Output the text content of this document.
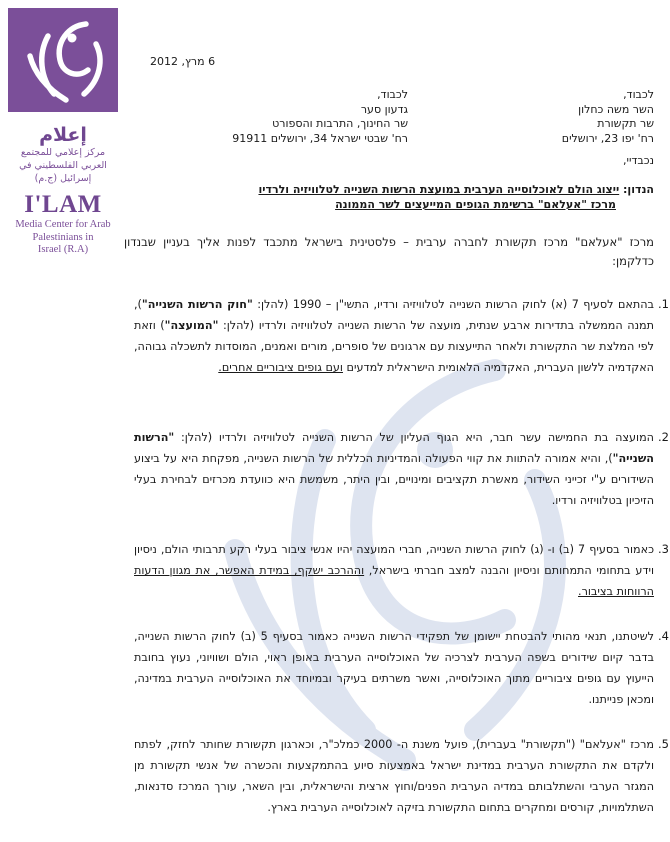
إعلام
مركز إعلامي للمجتمع
العربي الفلسطيني في
إسرائيل (ج.م)
I'LAM
Media Center for Arab
Palestinians in
Israel (R.A)
6 מרץ, 2012
לכבוד,
השר משה כחלון
שר תקשורת
רח' יפו 23, ירושלים
לכבוד,
גדעון סער
שר החינוך, התרבות והספורט
רח' שבטי ישראל 34, ירושלים 91911
נכבדיי,
הנדון: ייצוג הולם לאוכלוסייה הערבית במועצת הרשות השנייה לטלוויזיה ולרדיו
מרכז "אעלאם" ברשימת הגופים המייעצים לשר הממונה
מרכז "אעלאם" מרכז תקשורת לחברה ערבית – פלסטינית בישראל מתכבד לפנות אליך בעניין שבנדון כדלקמן:
.1
בהתאם לסעיף 7 (א) לחוק הרשות השנייה לטלוויזיה ורדיו, התשי"ן – 1990 (להלן: "חוק הרשות השנייה"), תמנה הממשלה בתדירות ארבע שנתית, מועצה של הרשות השנייה לטלוויזיה ולרדיו (להלן: "המועצה") וזאת לפי המלצת שר התקשורת ולאחר התייעצות עם ארגונים של סופרים, מורים ואמנים, המוסדות לתשכלה גבוהה, האקדמיה ללשון העברית, האקדמיה הלאומית הישראלית למדעים ועם גופים ציבוריים אחרים.
.2
המועצה בת החמישה עשר חבר, היא הגוף העליון של הרשות השנייה לטלוויזיה ולרדיו (להלן: "הרשות השנייה"), והיא אמורה להתוות את קווי הפעולה והמדיניות הכללית של הרשות השנייה, מפקחת היא על ביצוע השידורים ע"י זכייני השידור, מאשרת תקציבים ומינויים, ובין היתר, משמשת היא כוועדת מכרזים לבחירת בעלי הזיכיון בטלוויזיה ורדיו.
.3
כאמור בסעיף 7 (ב) ו- (ג) לחוק הרשות השנייה, חברי המועצה יהיו אנשי ציבור בעלי רקע תרבותי הולם, ניסיון וידע בתחומי התמחותם וניסיון והבנה למצב חברתי בישראל, וההרכב ישקף, במידת האפשר, את מגוון הדעות הרווחות בציבור.
.4
לשיטתנו, תנאי מהותי להבטחת יישומן של תפקידי הרשות השנייה כאמור בסעיף 5 (ב) לחוק הרשות השנייה, בדבר קיום שידורים בשפה הערבית לצרכיה של האוכלוסייה הערבית באופן ראוי, הולם ושוויוני, נעוץ בחובת הייעוץ עם גופים ציבוריים מתוך האוכלוסייה, ואשר משרתים בעיקר ובמיוחד את האוכלוסייה הערבית במדינה, ומכאן פנייתנו.
.5
מרכז "אעלאם" ("תקשורת" בעברית), פועל משנת ה- 2000 כמלכ"ר, וכארגון תקשורת שחותר לחזק, לפתח ולקדם את התקשורת הערבית במדינת ישראל באמצעות סיוע בהתמקצעות והכשרה של אנשי תקשורת מן המגזר הערבי והשתלבותם במדיה הערבית הפנים/וחוץ ארצית והישראלית, ובין השאר, עורך המרכז סדנאות, השתלמויות, קורסים ומחקרים בתחום התקשורת בזיקה לאוכלוסייה הערבית בארץ.
